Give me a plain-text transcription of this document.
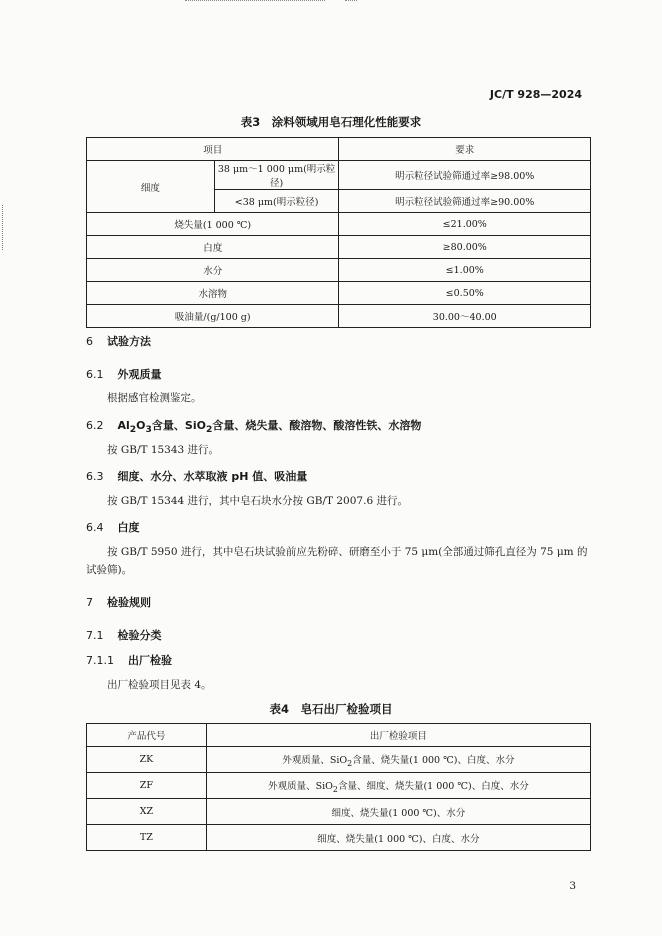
JC/T 928—2024
表3　涂料领域用皂石理化性能要求
项目		要求
细度	38 μm～1 000 μm(明示粒径)	明示粒径试验筛通过率≥98.00%
	<38 μm(明示粒径)	明示粒径试验筛通过率≥90.00%
烧失量(1 000 ℃)		≤21.00%
白度		≥80.00%
水分		≤1.00%
水溶物		≤0.50%
吸油量/(g/100 g)		30.00～40.00
6 试验方法
6.1 外观质量
根据感官检测鉴定。
6.2 $Al_2O_3$含量、SiO$_2$含量、烧失量、酸溶物、酸溶性铁、水溶物
按 GB/T 15343 进行。
6.3 细度、水分、水萃取液 pH 值、吸油量
按 GB/T 15344 进行，其中皂石块水分按 GB/T 2007.6 进行。
6.4 白度
按 GB/T 5950 进行，其中皂石块试验前应先粉碎、研磨至小于 75 μm(全部通过筛孔直径为 75 μm 的
试验筛)。
7 检验规则
7.1 检验分类
7.1.1 出厂检验
出厂检验项目见表 4。
表4　皂石出厂检验项目
产品代号	出厂检验项目
ZK	外观质量、SiO$_2$含量、烧失量(1 000 ℃)、白度、水分
ZF	外观质量、SiO$_2$含量、细度、烧失量(1 000 ℃)、白度、水分
XZ	细度、烧失量(1 000 ℃)、水分
TZ	细度、烧失量(1 000 ℃)、白度、水分
3
